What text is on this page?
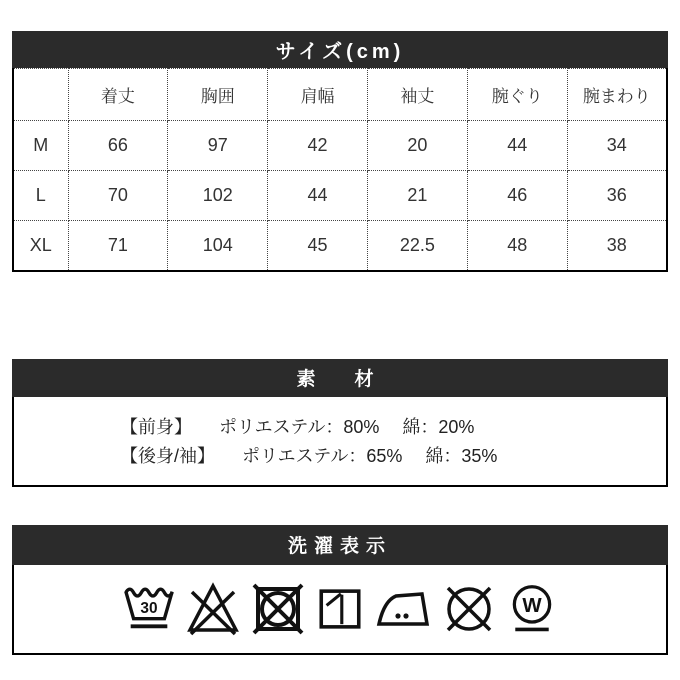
サイズ(cm)
	着丈	胸囲	肩幅	袖丈	腕ぐり	腕まわり
M	66	97	42	20	44	34
L	70	102	44	21	46	36
XL	71	104	45	22.5	48	38
素　材
【前身】　　ポリエステル：80%　 綿：20%
【後身/袖】　　ポリエステル：65%　 綿：35%
洗濯表示
30	W
